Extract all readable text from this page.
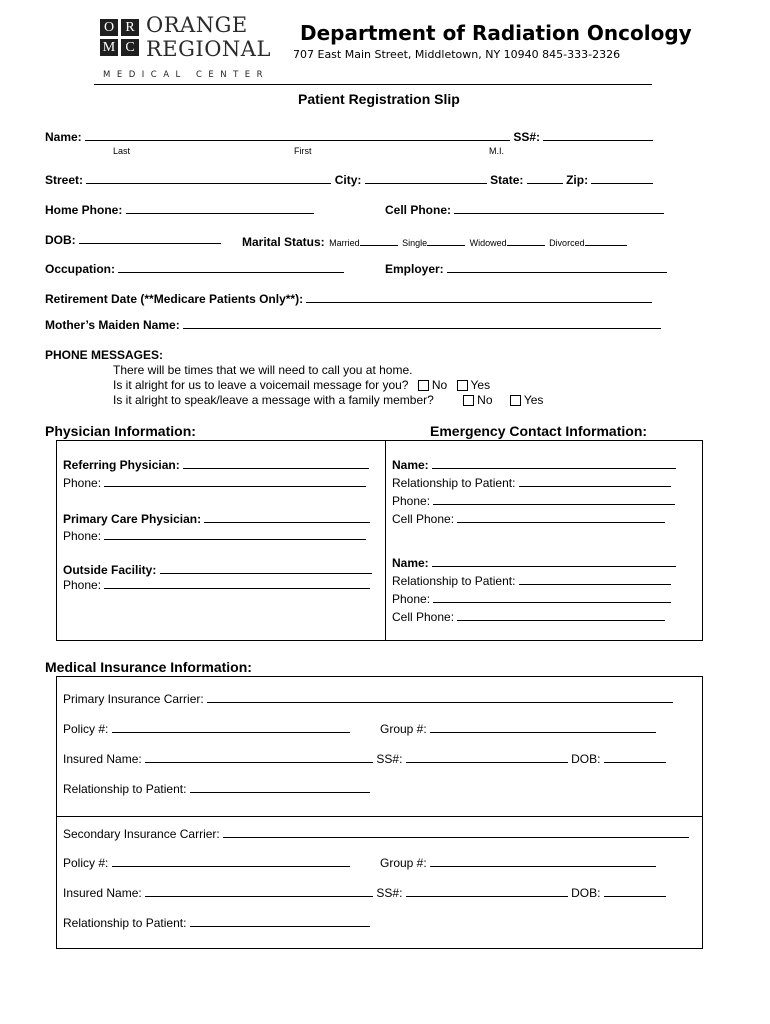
O R
M C
ORANGE
REGIONAL
MEDICAL CENTER
Department of Radiation Oncology
707 East Main Street, Middletown, NY 10940 845-333-2326
Patient Registration Slip
Name:	SS#:
Last	First	M.I.
Street:	City:	State:	Zip:
Home Phone:	Cell Phone:
DOB:	Marital Status: Married	Single	Widowed	Divorced
Occupation:	Employer:
Retirement Date (**Medicare Patients Only**):
Mother’s Maiden Name:
PHONE MESSAGES:
There will be times that we will need to call you at home.
Is it alright for us to leave a voicemail message for you? No Yes
Is it alright to speak/leave a message with a family member?	No	Yes
Physician Information:	Emergency Contact Information:
Referring Physician:
Phone:
Primary Care Physician:
Phone:
Outside Facility:
Phone:
Name:
Relationship to Patient:
Phone:
Cell Phone:
Name:
Relationship to Patient:
Phone:
Cell Phone:
Medical Insurance Information:
Primary Insurance Carrier:
Policy #:	Group #:
Insured Name:	SS#:	DOB:
Relationship to Patient:
Secondary Insurance Carrier:
Policy #:	Group #:
Insured Name:	SS#:	DOB:
Relationship to Patient:
